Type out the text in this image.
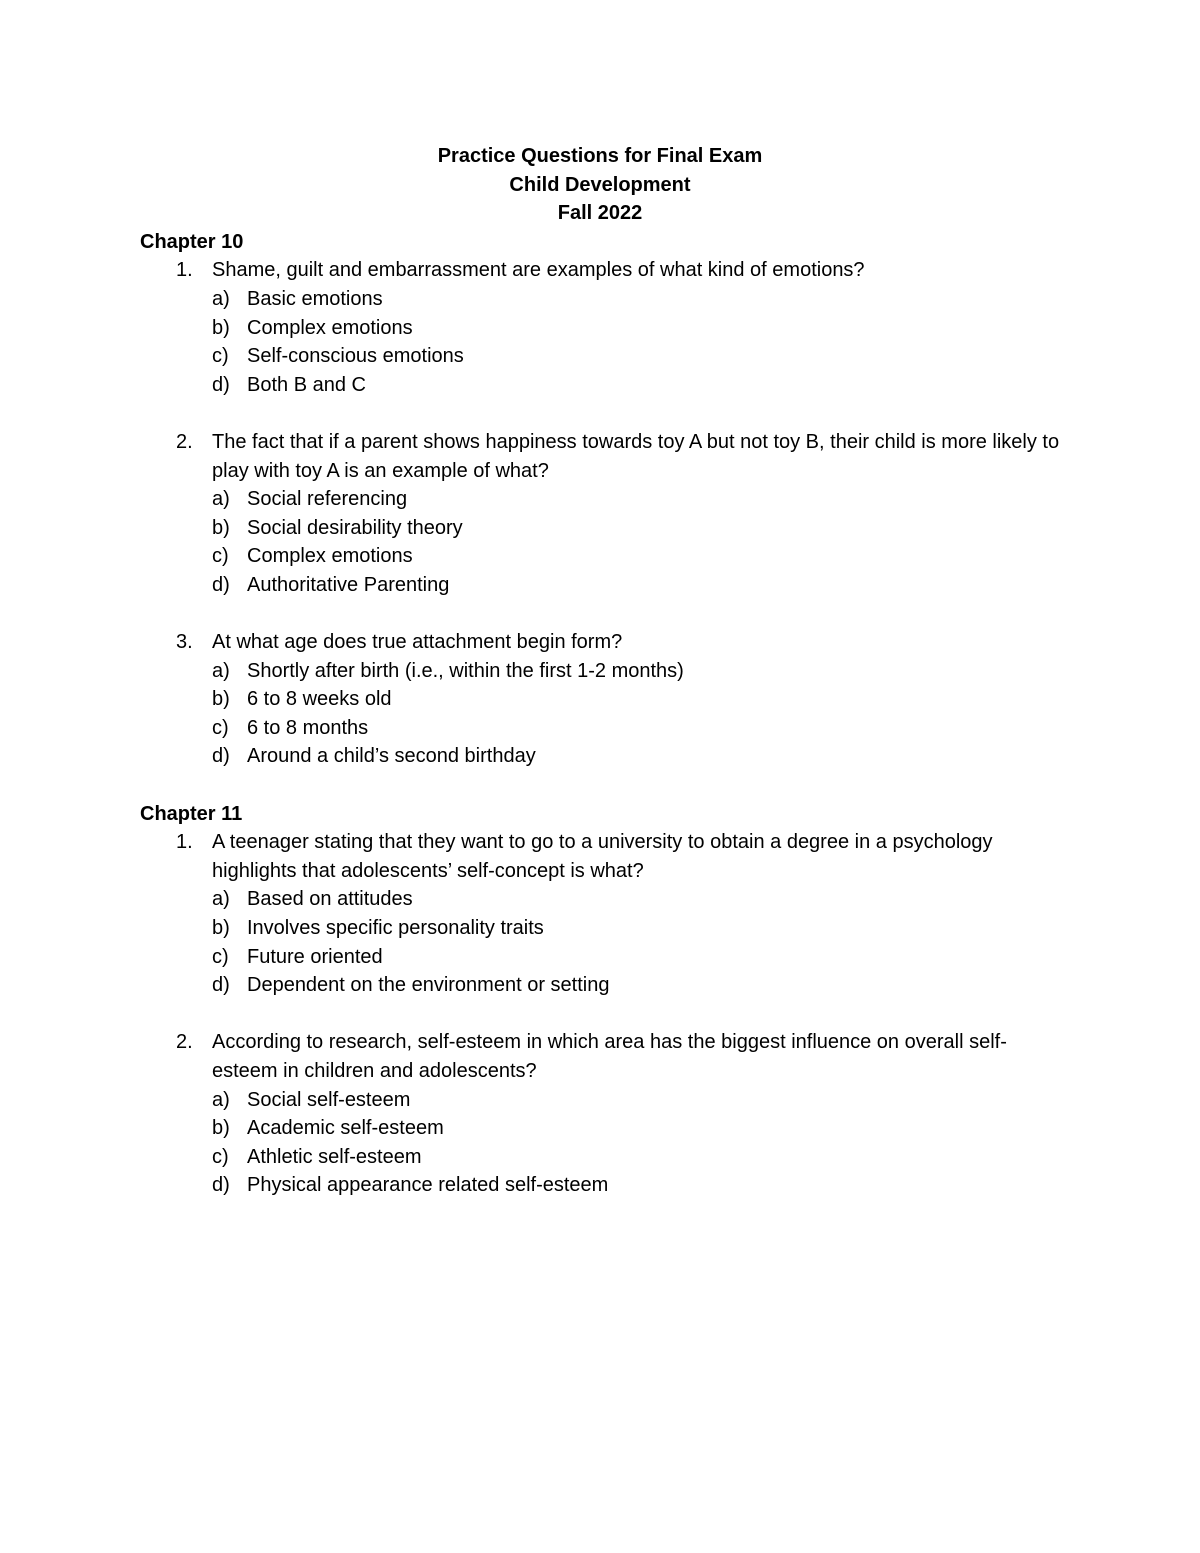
Practice Questions for Final Exam
Child Development
Fall 2022
Chapter 10
1. Shame, guilt and embarrassment are examples of what kind of emotions?
a) Basic emotions
b) Complex emotions
c) Self-conscious emotions
d) Both B and C
2. The fact that if a parent shows happiness towards toy A but not toy B, their child is more likely to play with toy A is an example of what?
a) Social referencing
b) Social desirability theory
c) Complex emotions
d) Authoritative Parenting
3. At what age does true attachment begin form?
a) Shortly after birth (i.e., within the first 1-2 months)
b) 6 to 8 weeks old
c) 6 to 8 months
d) Around a child’s second birthday
Chapter 11
1. A teenager stating that they want to go to a university to obtain a degree in a psychology highlights that adolescents’ self-concept is what?
a) Based on attitudes
b) Involves specific personality traits
c) Future oriented
d) Dependent on the environment or setting
2. According to research, self-esteem in which area has the biggest influence on overall self-esteem in children and adolescents?
a) Social self-esteem
b) Academic self-esteem
c) Athletic self-esteem
d) Physical appearance related self-esteem
